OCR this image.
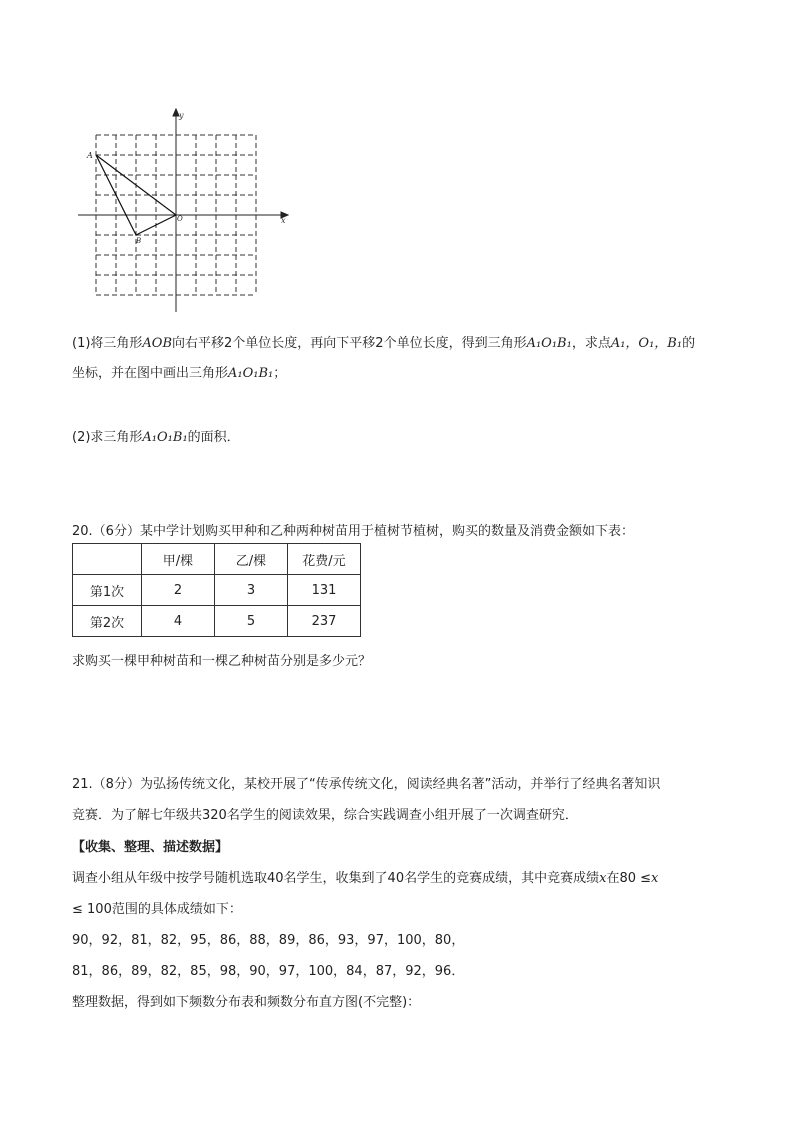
x
y
A
O
B
(1)将三角形AOB向右平移2个单位长度，再向下平移2个单位长度，得到三角形A₁O₁B₁，求点A₁，O₁，B₁的
坐标，并在图中画出三角形A₁O₁B₁；
(2)求三角形A₁O₁B₁的面积．
20.（6分）某中学计划购买甲种和乙种两种树苗用于植树节植树，购买的数量及消费金额如下表：
	甲/棵	乙/棵	花费/元
第1次	2	3	131
第2次	4	5	237
求购买一棵甲种树苗和一棵乙种树苗分别是多少元？
21.（8分）为弘扬传统文化，某校开展了“传承传统文化，阅读经典名著”活动，并举行了经典名著知识
竞赛．为了解七年级共320名学生的阅读效果，综合实践调查小组开展了一次调查研究．
【收集、整理、描述数据】
调查小组从年级中按学号随机选取40名学生，收集到了40名学生的竞赛成绩，其中竞赛成绩x在80 ≤x
≤ 100范围的具体成绩如下：
90，92，81，82，95，86，88，89，86，93，97，100，80，
81，86，89，82，85，98，90，97，100，84，87，92，96．
整理数据，得到如下频数分布表和频数分布直方图(不完整)：
